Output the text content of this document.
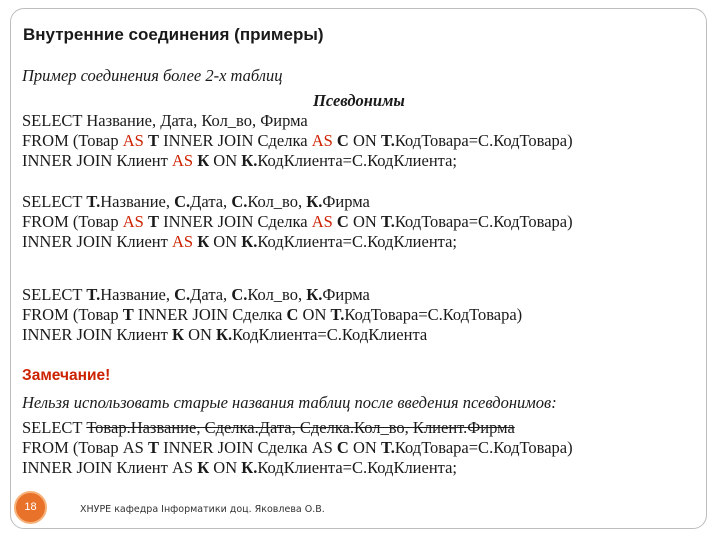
Внутренние соединения (примеры)
Пример соединения более 2-х таблиц
Псевдонимы
SELECT Название, Дата, Кол_во, Фирма
FROM (Товар AS T INNER JOIN Сделка AS C ON T.КодТовара=С.КодТовара)
INNER JOIN Клиент AS К ON К.КодКлиента=С.КодКлиента;
SELECT T.Название, С.Дата, С.Кол_во, К.Фирма
FROM (Товар AS T INNER JOIN Сделка AS C ON T.КодТовара=С.КодТовара)
INNER JOIN Клиент AS К ON К.КодКлиента=С.КодКлиента;
SELECT T.Название, С.Дата, С.Кол_во, К.Фирма
FROM (Товар T INNER JOIN Сделка C ON T.КодТовара=С.КодТовара)
INNER JOIN Клиент К ON К.КодКлиента=С.КодКлиента
Замечание!
Нельзя использовать старые названия таблиц после введения псевдонимов:
SELECT Товар.Название, Сделка.Дата, Сделка.Кол_во, Клиент.Фирма
FROM (Товар AS T INNER JOIN Сделка AS C ON T.КодТовара=С.КодТовара)
INNER JOIN Клиент AS К ON К.КодКлиента=С.КодКлиента;
18	ХНУРЕ кафедра Інформатики доц. Яковлева О.В.
